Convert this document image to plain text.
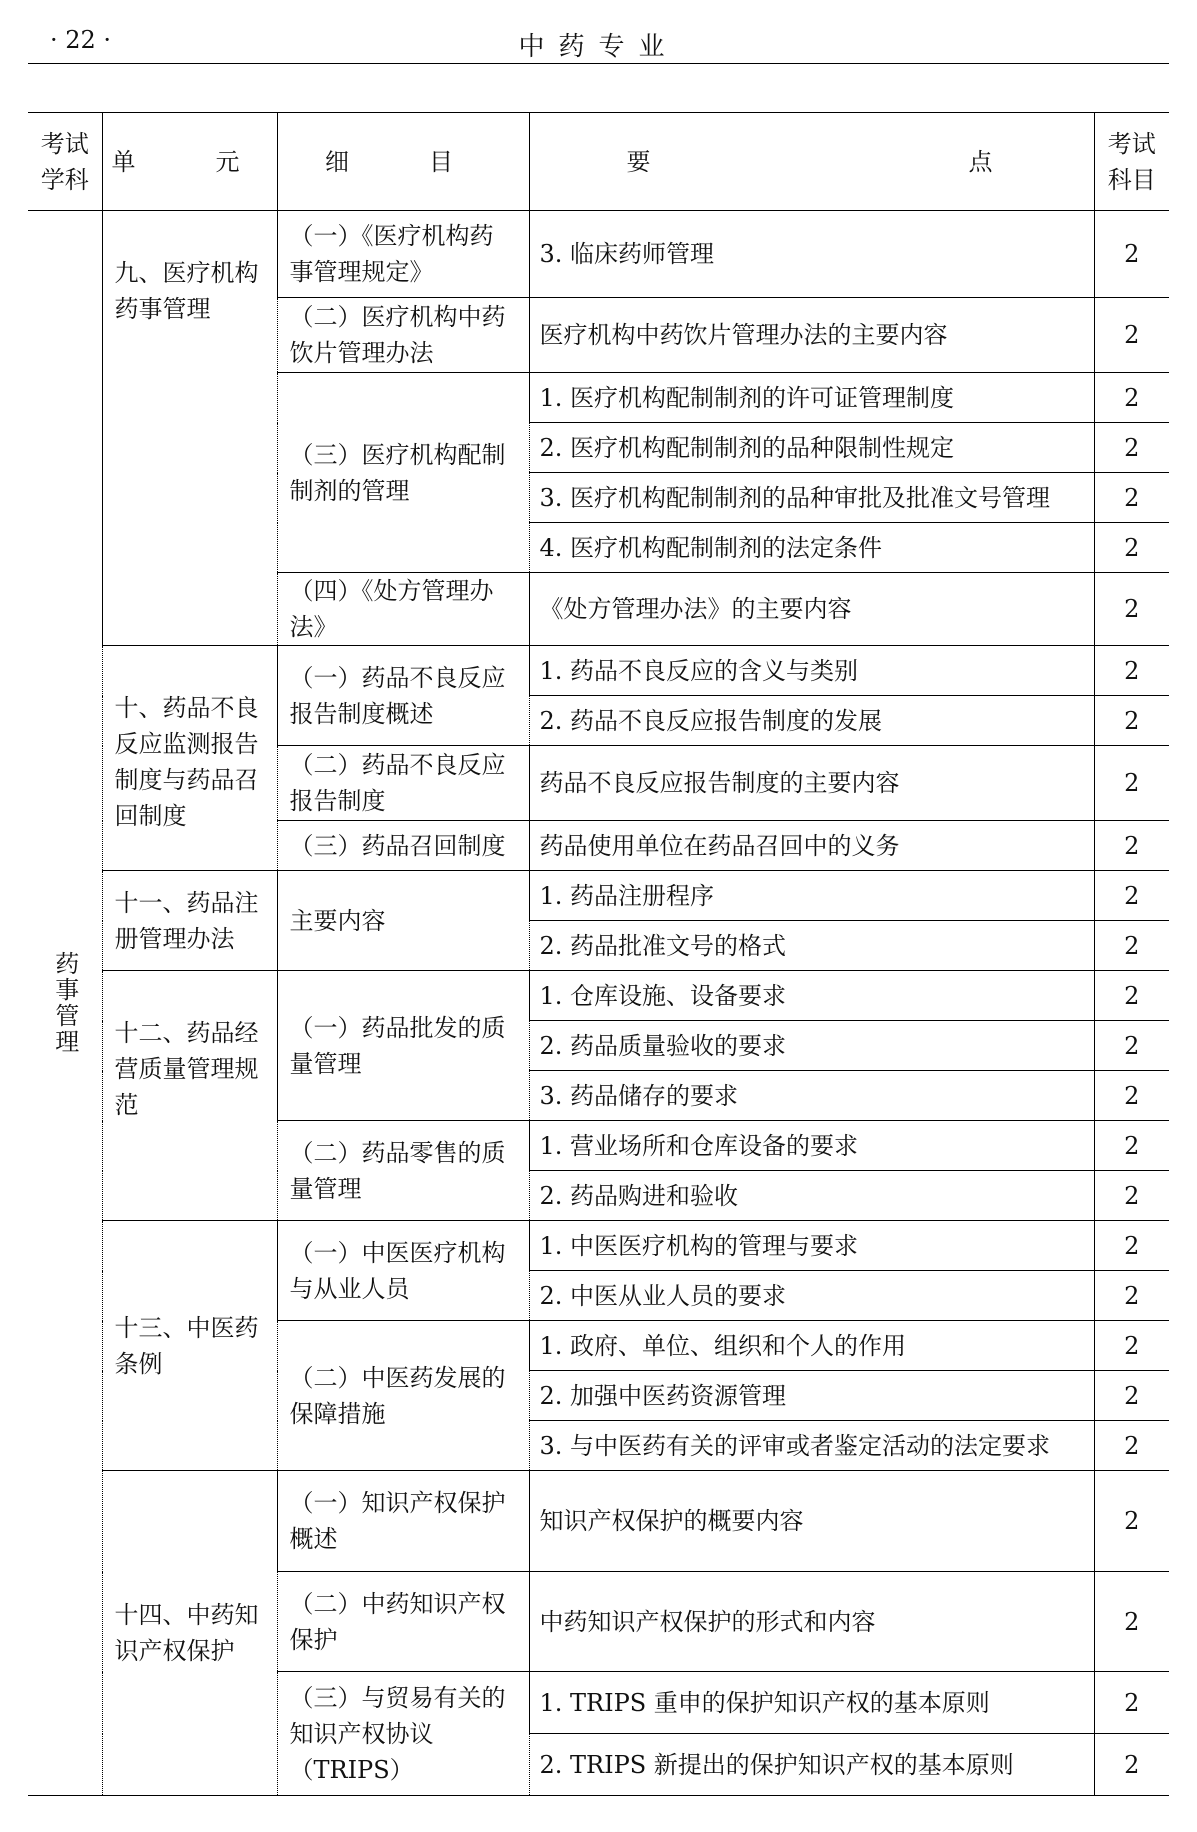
· 22 ·	中药专业
考试学科	单　元	细　目	要　　点	考试科目

药事管理	九、医疗机构药事管理	（一）《医疗机构药事管理规定》	3. 临床药师管理	2
		（二）医疗机构中药饮片管理办法	医疗机构中药饮片管理办法的主要内容	2
		（三）医疗机构配制制剂的管理	1. 医疗机构配制制剂的许可证管理制度	2
			2. 医疗机构配制制剂的品种限制性规定	2
			3. 医疗机构配制制剂的品种审批及批准文号管理	2
			4. 医疗机构配制制剂的法定条件	2
		（四）《处方管理办法》	《处方管理办法》的主要内容	2
	十、药品不良反应监测报告制度与药品召回制度	（一）药品不良反应报告制度概述	1. 药品不良反应的含义与类别	2
			2. 药品不良反应报告制度的发展	2
		（二）药品不良反应报告制度	药品不良反应报告制度的主要内容	2
		（三）药品召回制度	药品使用单位在药品召回中的义务	2
	十一、药品注册管理办法	主要内容	1. 药品注册程序	2
			2. 药品批准文号的格式	2
	十二、药品经营质量管理规范	（一）药品批发的质量管理	1. 仓库设施、设备要求	2
			2. 药品质量验收的要求	2
			3. 药品储存的要求	2
		（二）药品零售的质量管理	1. 营业场所和仓库设备的要求	2
			2. 药品购进和验收	2
	十三、中医药条例	（一）中医医疗机构与从业人员	1. 中医医疗机构的管理与要求	2
			2. 中医从业人员的要求	2
		（二）中医药发展的保障措施	1. 政府、单位、组织和个人的作用	2
			2. 加强中医药资源管理	2
			3. 与中医药有关的评审或者鉴定活动的法定要求	2
	十四、中药知识产权保护	（一）知识产权保护概述	知识产权保护的概要内容	2
		（二）中药知识产权保护	中药知识产权保护的形式和内容	2
		（三）与贸易有关的知识产权协议（TRIPS）	1. TRIPS 重申的保护知识产权的基本原则	2
			2. TRIPS 新提出的保护知识产权的基本原则	2
